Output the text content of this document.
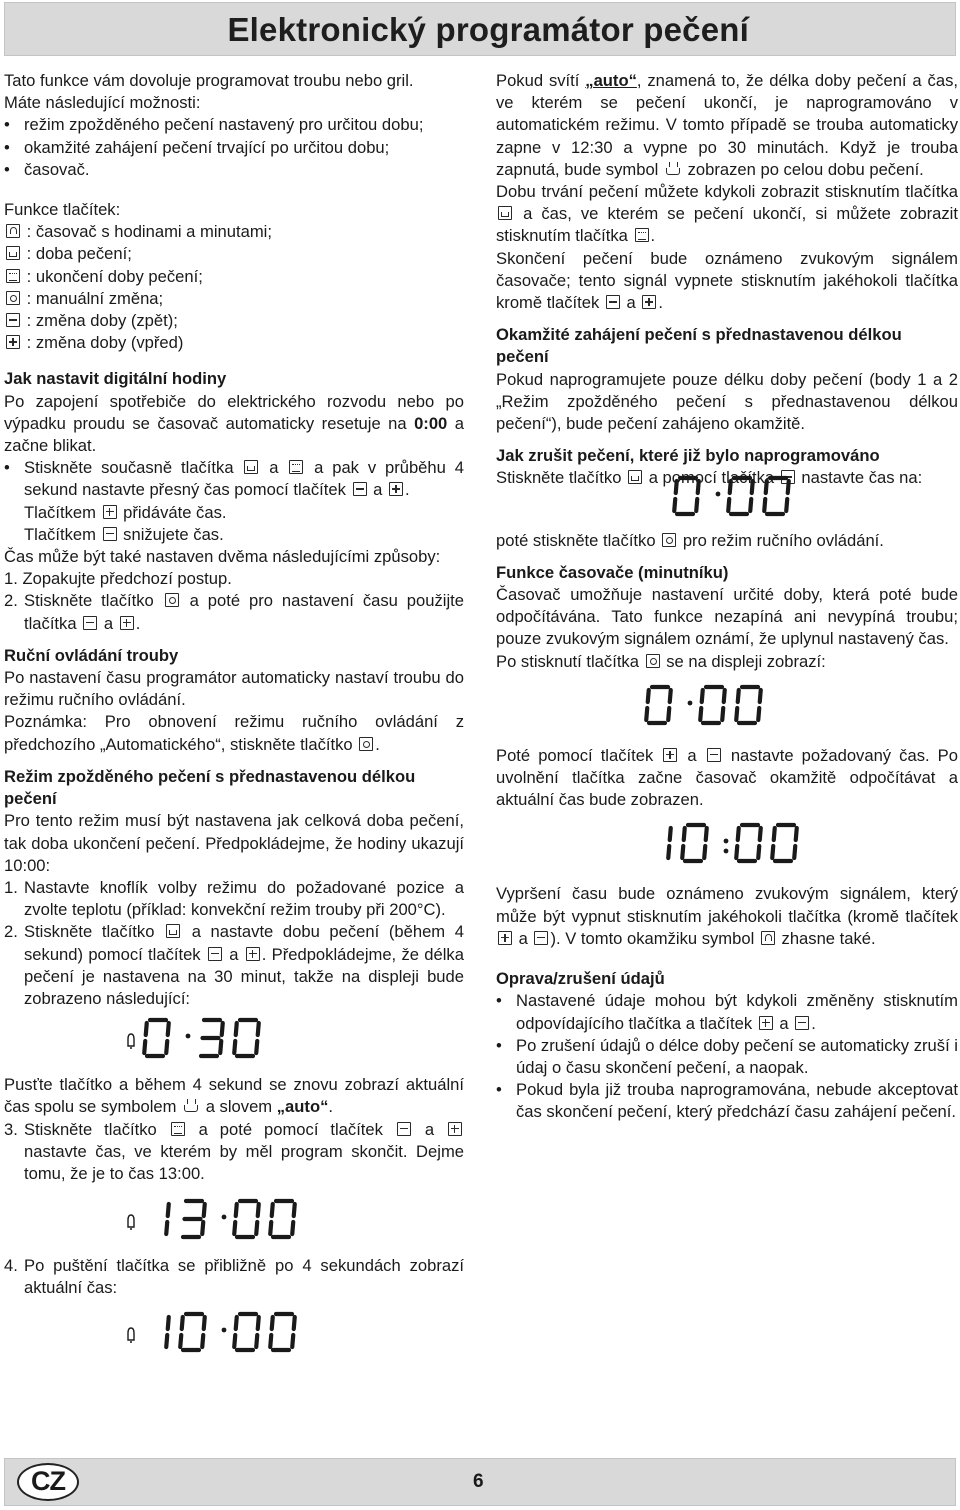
Elektronický programátor pečení

Tato funkce vám dovoluje programovat troubu nebo gril.

Máte následující možnosti:

• režim zpožděného pečení nastavený pro určitou dobu;
• okamžité zahájení pečení trvající po určitou dobu;
• časovač.

Funkce tlačítek:

: časovač s hodinami a minutami;
: doba pečení;
: ukončení doby pečení;
: manuální změna;
: změna doby (zpět);
: změna doby (vpřed)

Jak nastavit digitální hodiny

Po zapojení spotřebiče do elektrického rozvodu nebo po výpadku proudu se časovač automaticky resetuje na 0:00 a začne blikat.

• Stiskněte současně tlačítka a a pak v průběhu 4 sekund nastavte přesný čas pomocí tlačítek a .
Tlačítkem přidáváte čas.
Tlačítkem snižujete čas.

Čas může být také nastaven dvěma následujícími způsoby:

1. Zopakujte předchozí postup.

2. Stiskněte tlačítko a poté pro nastavení času použijte tlačítka a .

Ruční ovládání trouby

Po nastavení času programátor automaticky nastaví troubu do režimu ručního ovládání.

Poznámka: Pro obnovení režimu ručního ovládání z předchozího „Automatického“, stiskněte tlačítko .

Režim zpožděného pečení s přednastavenou délkou pečení

Pro tento režim musí být nastavena jak celková doba pečení, tak doba ukončení pečení. Předpokládejme, že hodiny ukazují 10:00:

1. Nastavte knoflík volby režimu do požadované pozice a zvolte teplotu (příklad: konvekční režim trouby při 200°C).
2. Stiskněte tlačítko a nastavte dobu pečení (během 4 sekund) pomocí tlačítek a . Předpokládejme, že délka pečení je nastavena na 30 minut, takže na displeji bude zobrazeno následující:

Pusťte tlačítko a během 4 sekund se znovu zobrazí aktuální čas spolu se symbolem a slovem „auto“.

3. Stiskněte tlačítko	a poté pomocí tlačítek	a  nastavte čas, ve kterém by měl program skončit. Dejme tomu, že je to čas 13:00.
4. Po puštění tlačítka se přibližně po 4 sekundách zobrazí aktuální čas:

Pokud svítí „auto“, znamená to, že délka doby pečení a čas, ve kterém se pečení ukončí, je naprogramováno v automatickém režimu. V tomto případě se trouba automaticky zapne v 12:30 a vypne po 30 minutách. Když je trouba zapnutá, bude symbol zobrazen po celou dobu pečení.

Dobu trvání pečení můžete kdykoli zobrazit stisknutím tlačítka  a čas, ve kterém se pečení ukončí, si můžete zobrazit stisknutím tlačítka .

Skončení pečení bude oznámeno zvukovým signálem časovače; tento signál vypnete stisknutím jakéhokoli tlačítka kromě tlačítek a .

Okamžité zahájení pečení s přednastavenou délkou pečení

Pokud naprogramujete pouze délku doby pečení (body 1 a 2 „Režim zpožděného pečení s přednastavenou délkou pečení“), bude pečení zahájeno okamžitě.

Jak zrušit pečení, které již bylo naprogramováno

Stiskněte tlačítko a pomocí tlačítka nastavte čas na:

poté stiskněte tlačítko pro režim ručního ovládání.

Funkce časovače (minutníku)

Časovač umožňuje nastavení určité doby, která poté bude odpočítávána. Tato funkce nezapíná ani nevypíná troubu; pouze zvukovým signálem oznámí, že uplynul nastavený čas.

Po stisknutí tlačítka se na displeji zobrazí:

Poté pomocí tlačítek a nastavte požadovaný čas. Po uvolnění tlačítka začne časovač okamžitě odpočítávat a aktuální čas bude zobrazen.

Vypršení času bude oznámeno zvukovým signálem, který může být vypnut stisknutím jakéhokoli tlačítka (kromě tlačítek  a ). V tomto okamžiku symbol zhasne také.

Oprava/zrušení údajů

• Nastavené údaje mohou být kdykoli změněny stisknutím odpovídajícího tlačítka a tlačítek a .
• Po zrušení údajů o délce doby pečení se automaticky zruší i údaj o času skončení pečení, a naopak.
• Pokud byla již trouba naprogramována, nebude akceptovat čas skončení pečení, který předchází času zahájení pečení.
CZ	6
